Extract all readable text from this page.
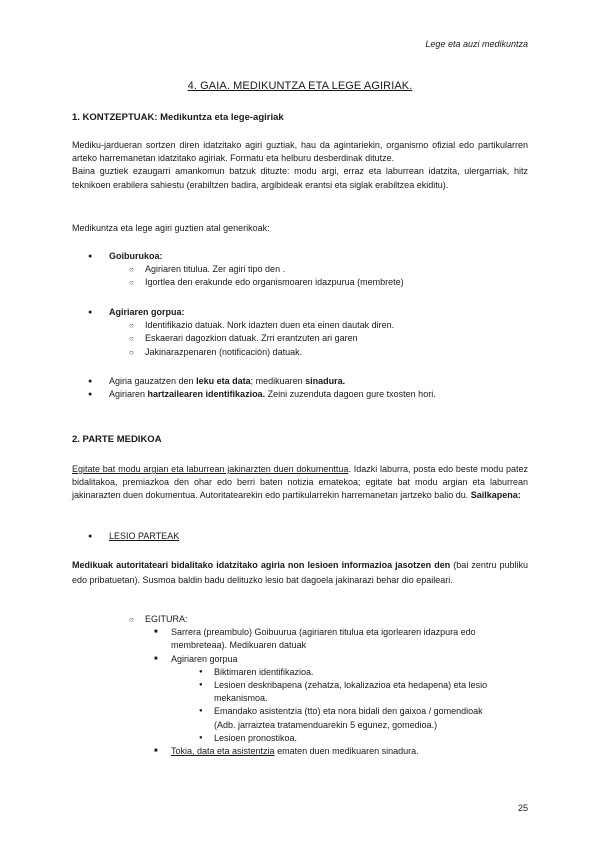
Lege eta auzi medikuntza
4. GAIA. MEDIKUNTZA ETA LEGE AGIRIAK.
1. KONTZEPTUAK: Medikuntza eta lege-agiriak

Mediku-jardueran sortzen diren idatzitako agiri guztiak, hau da agintariekin, organismo ofizial edo partikularren arteko harremanetan idatzitako agiriak. Formatu eta helburu desberdinak ditutze.

Baina guztiek ezaugarri amankomun batzuk dituzte: modu argi, erraz eta laburrean idatzita, ulergarriak, hitz teknikoen erabilera sahiestu (erabiltzen badira, argibideak erantsi eta siglak erabiltzea ekiditu).

Medikuntza eta lege agiri guztien atal generikoak:

● Goiburukoa:
○ Agiriaren titulua. Zer agiri tipo den .
○ Igortlea den erakunde edo organismoaren idazpurua (membrete)
● Agiriaren gorpua:
○ Identifikazio datuak. Nork idazten duen eta einen dautak diren.
○ Eskaerari dagozkion datuak. Zrri erantzuten ari garen
○ Jakinarazpenaren (notificación) datuak.
● Agiria gauzatzen den leku eta data; medikuaren sinadura.
● Agiriaren hartzailearen identifikazioa. Zeini zuzenduta dagoen gure txosten hori.
2. PARTE MEDIKOA

Egitate bat modu argian eta laburrean jakinarzten duen dokumenttua. Idazki laburra, posta edo beste modu patez bidalitakoa, premiazkoa den ohar edo berri baten notizia ematekoa; egitate bat modu argian eta laburrean jakinarazten duen dokumentua. Autoritatearekin edo partikularrekin harremanetan jartzeko balio du. Sailkapena:

● LESIO PARTEAK

Medikuak autoritateari bidalitako idatzitako agiria non lesioen informazioa jasotzen den (bai zentru publiku edo pribatuetan). Susmoa baldin badu delituzko lesio bat dagoela jakinarazi behar dio epaileari.

○ EGITURA:
■ Sarrera (preambulo) Goibuurua (agiriaren titulua eta igorlearen idazpura edo membreteaa). Medikuaren datuak
■ Agiriaren gorpua
● Biktimaren identifikazioa.
● Lesioen deskribapena (zehatza, lokalizazioa eta hedapena) eta lesio mekanismoa.
● Emandako asistentzia (tto) eta nora bidali den gaixoa / gomendioak (Adb. jarraiztea tratamenduarekin 5 egunez, gomedioa.)
● Lesioen pronostikoa.
■ Tokia, data eta asistentzia ematen duen medikuaren sinadura.
25
